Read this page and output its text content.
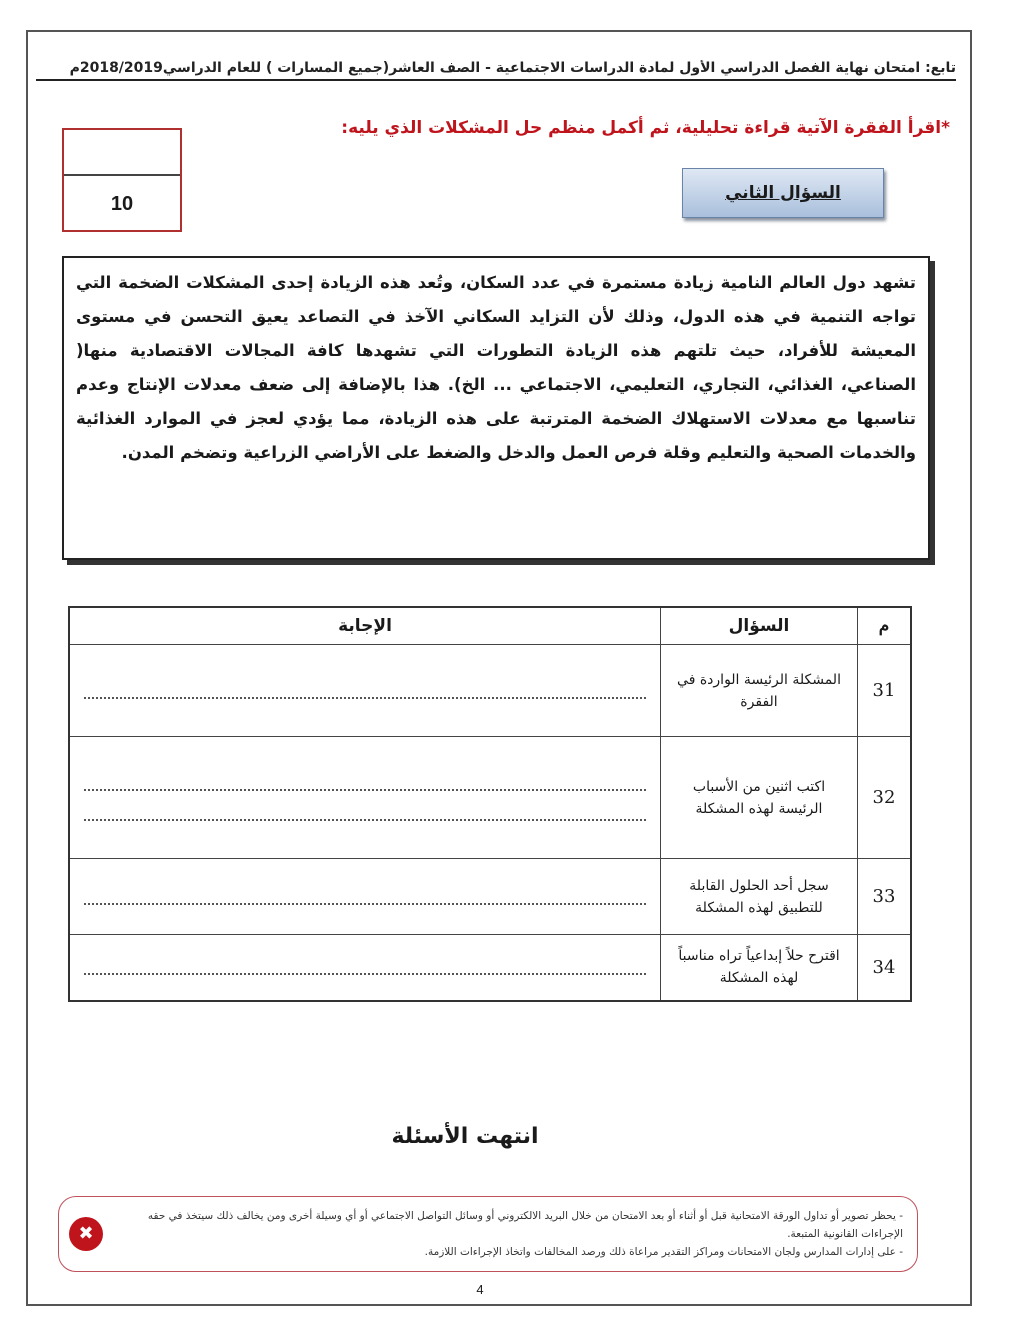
تابع: امتحان نهاية الفصل الدراسي الأول لمادة الدراسات الاجتماعية - الصف العاشر(جميع المسارات ) للعام الدراسي2018/2019م
10
*اقرأ الفقرة الآتية قراءة تحليلية، ثم أكمل منظم حل المشكلات الذي يليه:
السؤال الثاني
تشهد دول العالم النامية زيادة مستمرة في عدد السكان، وتُعد هذه الزيادة إحدى المشكلات الضخمة التي تواجه التنمية في هذه الدول، وذلك لأن التزايد السكاني الآخذ في التصاعد يعيق التحسن في مستوى المعيشة للأفراد، حيث تلتهم هذه الزيادة التطورات التي تشهدها كافة المجالات الاقتصادية منها( الصناعي، الغذائي، التجاري، التعليمي، الاجتماعي ... الخ). هذا بالإضافة إلى ضعف معدلات الإنتاج وعدم تناسبها مع معدلات الاستهلاك الضخمة المترتبة على هذه الزيادة، مما يؤدي لعجز في الموارد الغذائية والخدمات الصحية والتعليم وقلة فرص العمل والدخل والضغط على الأراضي الزراعية وتضخم المدن.
م	السؤال	الإجابة
31	المشكلة الرئيسة الواردة في الفقرة	

32	اكتب اثنين من الأسباب الرئيسة لهذه المشكلة	

33	سجل أحد الحلول القابلة للتطبيق لهذه المشكلة	

34	اقترح حلاً إبداعياً تراه مناسباً لهذه المشكلة	
انتهت الأسئلة
✖
- يحظر تصوير أو تداول الورقة الامتحانية قبل أو أثناء أو بعد الامتحان من خلال البريد الالكتروني أو وسائل التواصل الاجتماعي أو أي وسيلة أخرى ومن يخالف ذلك سيتخذ في حقه الإجراءات القانونية المتبعة.
- على إدارات المدارس ولجان الامتحانات ومراكز التقدير مراعاة ذلك ورصد المخالفات واتخاذ الإجراءات اللازمة.
4
